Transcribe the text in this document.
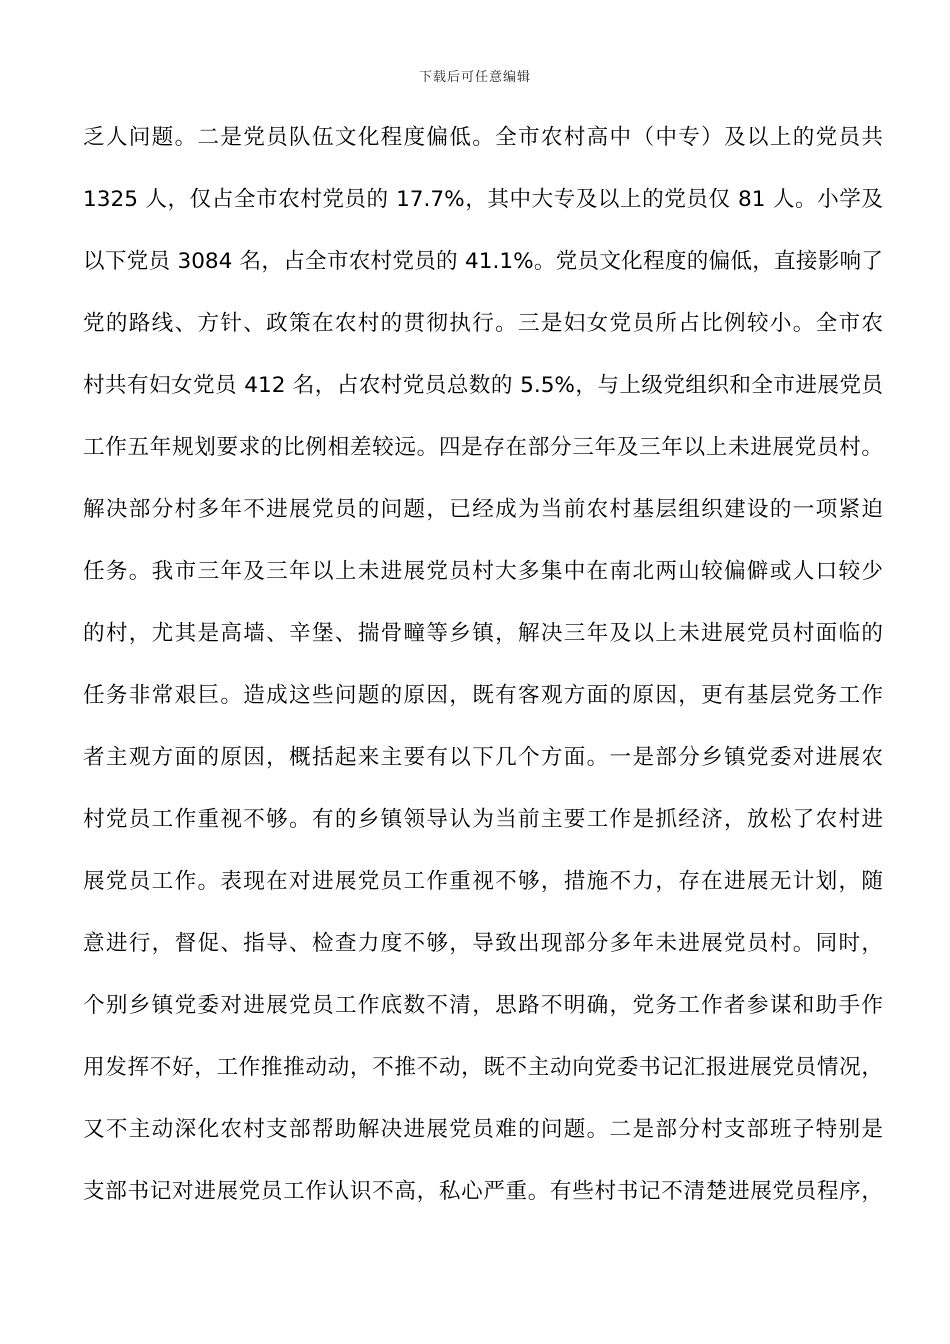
下载后可任意编辑
乏人问题。二是党员队伍文化程度偏低。全市农村高中（中专）及以上的党员共
1325 人，仅占全市农村党员的 17.7%，其中大专及以上的党员仅 81 人。小学及
以下党员 3084 名，占全市农村党员的 41.1%。党员文化程度的偏低，直接影响了
党的路线、方针、政策在农村的贯彻执行。三是妇女党员所占比例较小。全市农
村共有妇女党员 412 名，占农村党员总数的 5.5%，与上级党组织和全市进展党员
工作五年规划要求的比例相差较远。四是存在部分三年及三年以上未进展党员村。
解决部分村多年不进展党员的问题，已经成为当前农村基层组织建设的一项紧迫
任务。我市三年及三年以上未进展党员村大多集中在南北两山较偏僻或人口较少
的村，尤其是高墙、辛堡、揣骨疃等乡镇，解决三年及以上未进展党员村面临的
任务非常艰巨。造成这些问题的原因，既有客观方面的原因，更有基层党务工作
者主观方面的原因，概括起来主要有以下几个方面。一是部分乡镇党委对进展农
村党员工作重视不够。有的乡镇领导认为当前主要工作是抓经济，放松了农村进
展党员工作。表现在对进展党员工作重视不够，措施不力，存在进展无计划，随
意进行，督促、指导、检查力度不够，导致出现部分多年未进展党员村。同时，
个别乡镇党委对进展党员工作底数不清，思路不明确，党务工作者参谋和助手作
用发挥不好，工作推推动动，不推不动，既不主动向党委书记汇报进展党员情况，
又不主动深化农村支部帮助解决进展党员难的问题。二是部分村支部班子特别是
支部书记对进展党员工作认识不高，私心严重。有些村书记不清楚进展党员程序，
